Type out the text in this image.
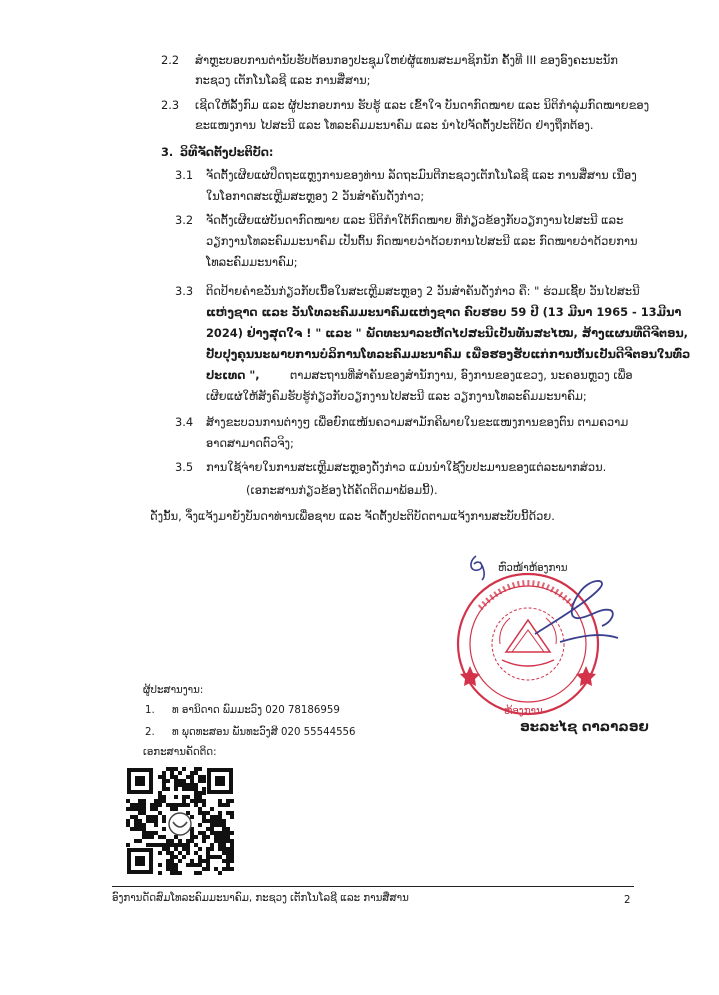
2.2 ສໍາຫຼະບອບການຕ່ານັບຮັບຕ້ອນກອງປະຊຸມໃຫຍ່ຜູ້ແທນສະມາຊິກນັກ ຄັ້ງທີ III ຂອງອົງຄະນະນັກ
ກະຊວງ ເຕັກໂນໂລຊີ ແລະ ການສື່ສານ;
2.3 ເຊີດໃຫ້ລັ້ງກົມ ແລະ ຜູ້ປະກອບການ ຮັບຮູ້ ແລະ ເຂົ້າໃຈ ບັນດາກົດໝາຍ ແລະ ນິຕິກໍາລຸ່ມກົດໝາຍຂອງ
ຂະແໜງການ ໄປສະນີ ແລະ ໂທລະຄົມມະນາຄົມ ແລະ ນໍາໄປຈັດຕັ້ງປະຕິບັດ ຢ່າງຖືກຕ້ອງ.
3. ວິທີຈັດຕັ້ງປະຕິບັດ:
3.1 ຈັດຕັ້ງເຜີຍແຜ່ປຶດຖະແຫຼງການຂອງທ່ານ ລັດຖະມົນຕີກະຊວງເຕັກໂນໂລຊີ ແລະ ການສື່ສານ ເນື່ອງ
ໃນໂອກາດສະເຫຼີມສະຫຼອງ 2 ວັນສໍາຄັນດັ່ງກ່າວ;
3.2 ຈັດຕັ້ງເຜີຍແຜ່ບັນດາກົດໝາຍ ແລະ ນິຕິກໍາໃຕ້ກົດໝາຍ ທີ່ກ່ຽວຂ້ອງກັບວຽກງານໄປສະນີ ແລະ
ວຽກງານໂທລະຄົມມະນາຄົມ ເປັນຕົ້ນ ກົດໝາຍວ່າດ້ວຍການໄປສະນີ ແລະ ກົດໝາຍວ່າດ້ວຍການ
ໂທລະຄົມມະນາຄົມ;
3.3 ຕິດປ້າຍຄໍາຂວັນກ່ຽວກັບເນື້ອໃນສະເຫຼີມສະຫຼອງ 2 ວັນສໍາຄັນດັ່ງກ່າວ ຄື: " ຮ່ວມເຊີ້ຍ ວັນໄປສະນີ
ແຫ່ງຊາດ ແລະ ວັນໂທລະຄົມມະນາຄົມແຫ່ງຊາດ ຄົບຮອບ 59 ປີ (13 ມີນາ 1965 - 13ມີນາ
2024) ຢ່າງສຸດໃຈ ! " ແລະ " ພັດທະນາລະຫັດໄປສະນີເປັນທັນສະໄໝ, ສ້າງແຜນທີ່ດີຈີຕອນ,
ປັບປຸງຄຸນນະພາບການບໍລິການໂທລະຄົມມະນາຄົມ ເພື່ອຮອງຮັບແກ່ການຫັນເປັນດີຈີຕອນໃນທົ່ວ
ປະເທດ ",	ຕາມສະຖານທີ່ສໍາຄັນຂອງສໍານັກງານ, ອົງການຂອງແຂວງ, ນະຄອນຫຼວງ ເພື່ອ
ເຜີຍແຜ່ໃຫ້ສັງຄົມຮັບຮູ້ກ່ຽວກັບວຽກງານໄປສະນີ ແລະ ວຽກງານໂທລະຄົມມະນາຄົມ;
3.4 ສ້າງຂະບວນການຕ່າງໆ ເພື່ອຍົກແໜ້ນຄວາມສາມັກຄີພາຍໃນຂະແໜງການຂອງຕົນ ຕາມຄວາມ
ອາດສາມາດຕົວຈິງ;
3.5 ການໃຊ້ຈ່າຍໃນການສະເຫຼີມສະຫຼອງດັ່ງກ່າວ ແມ່ນນໍາໃຊ້ງົບປະມານຂອງແຕ່ລະພາກສ່ວນ.
(ເອກະສານກ່ຽວຂ້ອງໄດ້ຄັດຕິດມາພ້ອມນີ້).
ດັ່ງນັ້ນ, ຈຶ່ງແຈ້ງມາຍັງບັນດາທ່ານເພື່ອຊາບ ແລະ ຈັດຕັ້ງປະຕິບັດຕາມແຈ້ງການສະບັບນີ້ດ້ວຍ.
ຫົວໜ້າຫ້ອງການ
ຫ້ອງການ
ອະລະໄຊ ດາລາລອຍ
ຜູ້ປະສານງານ:
1. ທ ອານິດາດ ພົມມະວົງ 020 78186959
2. ທ ພຸດທະສອນ ພັນທະວົງສີ 020 55544556
ເອກະສານຄັດຕິດ:
ອົງການດັດສົມໂທລະຄົມມະນາຄົມ, ກະຊວງ ເຕັກໂນໂລຊີ ແລະ ການສື່ສານ	2
